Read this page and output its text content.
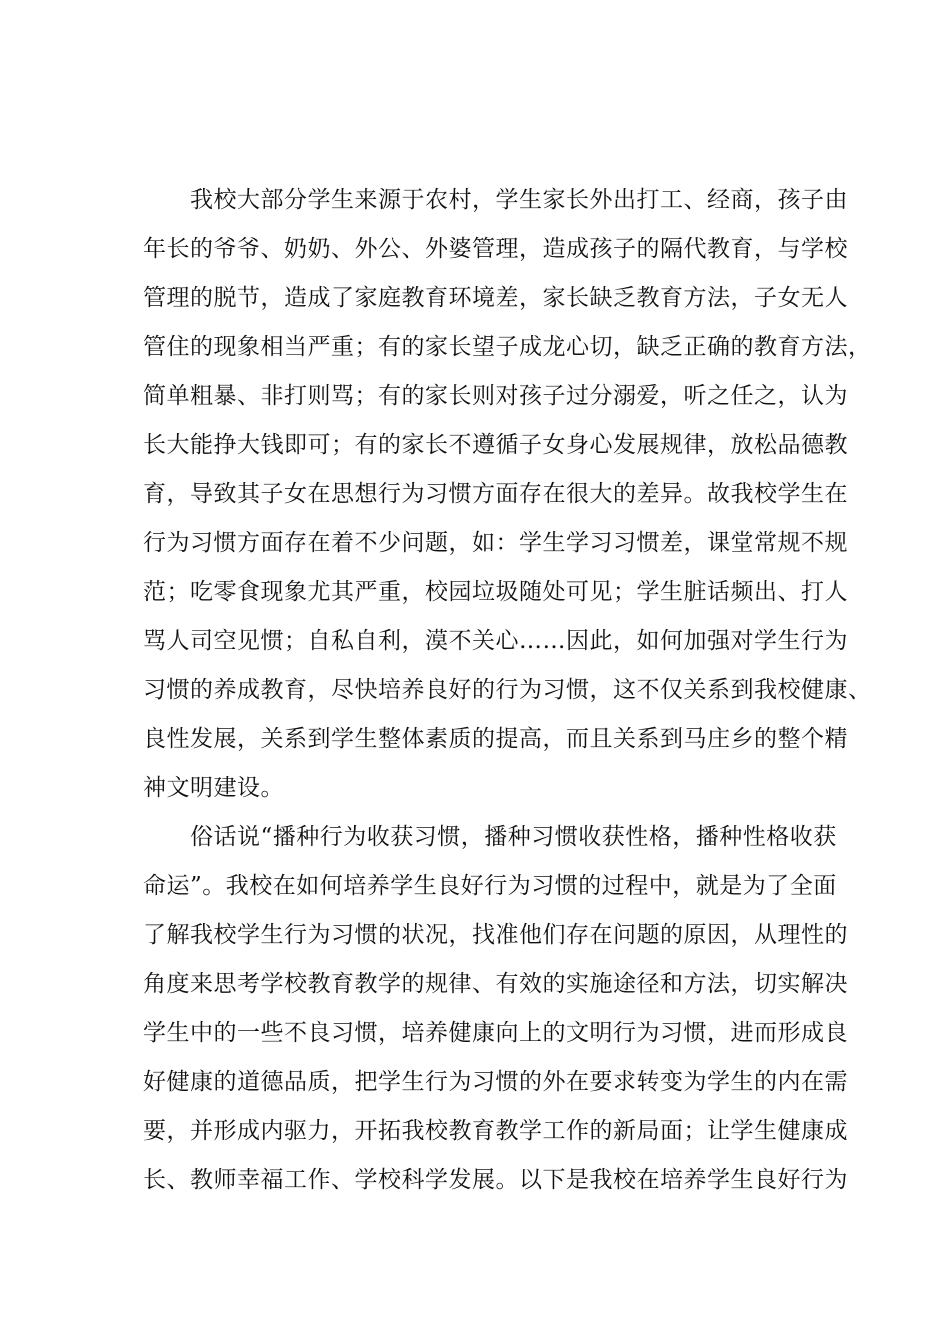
我校大部分学生来源于农村，学生家长外出打工、经商，孩子由
年长的爷爷、奶奶、外公、外婆管理，造成孩子的隔代教育，与学校
管理的脱节，造成了家庭教育环境差，家长缺乏教育方法，子女无人
管住的现象相当严重；有的家长望子成龙心切，缺乏正确的教育方法，
简单粗暴、非打则骂；有的家长则对孩子过分溺爱，听之任之，认为
长大能挣大钱即可；有的家长不遵循子女身心发展规律，放松品德教
育，导致其子女在思想行为习惯方面存在很大的差异。故我校学生在
行为习惯方面存在着不少问题，如：学生学习习惯差，课堂常规不规
范；吃零食现象尤其严重，校园垃圾随处可见；学生脏话频出、打人
骂人司空见惯；自私自利，漠不关心……因此，如何加强对学生行为
习惯的养成教育，尽快培养良好的行为习惯，这不仅关系到我校健康、
良性发展，关系到学生整体素质的提高，而且关系到马庄乡的整个精
神文明建设。
俗话说“播种行为收获习惯，播种习惯收获性格，播种性格收获
命运”。我校在如何培养学生良好行为习惯的过程中，就是为了全面
了解我校学生行为习惯的状况，找准他们存在问题的原因，从理性的
角度来思考学校教育教学的规律、有效的实施途径和方法，切实解决
学生中的一些不良习惯，培养健康向上的文明行为习惯，进而形成良
好健康的道德品质，把学生行为习惯的外在要求转变为学生的内在需
要，并形成内驱力，开拓我校教育教学工作的新局面；让学生健康成
长、教师幸福工作、学校科学发展。以下是我校在培养学生良好行为
